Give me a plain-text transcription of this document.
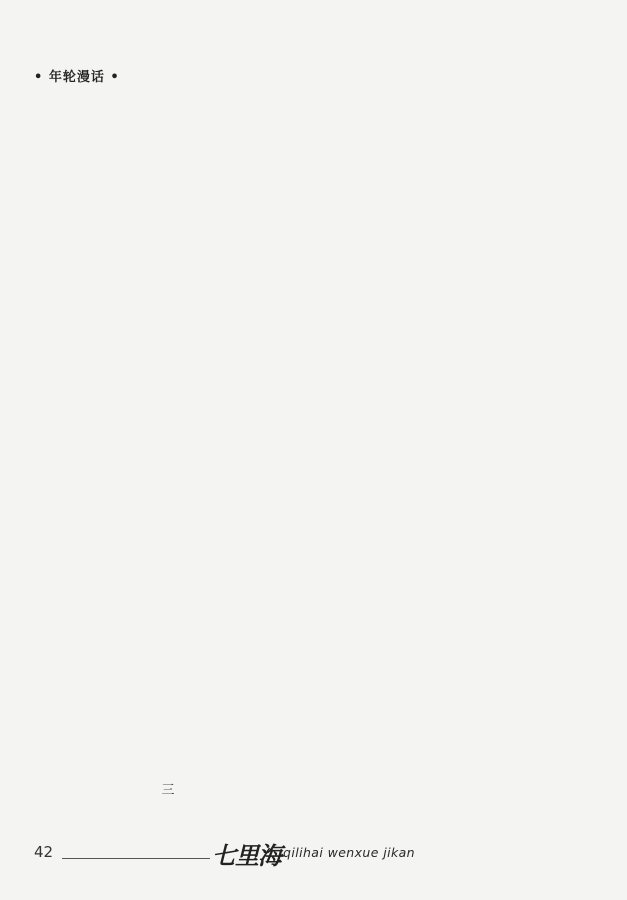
• 年轮漫话 •

三

42	七里海 qilihai wenxue jikan
